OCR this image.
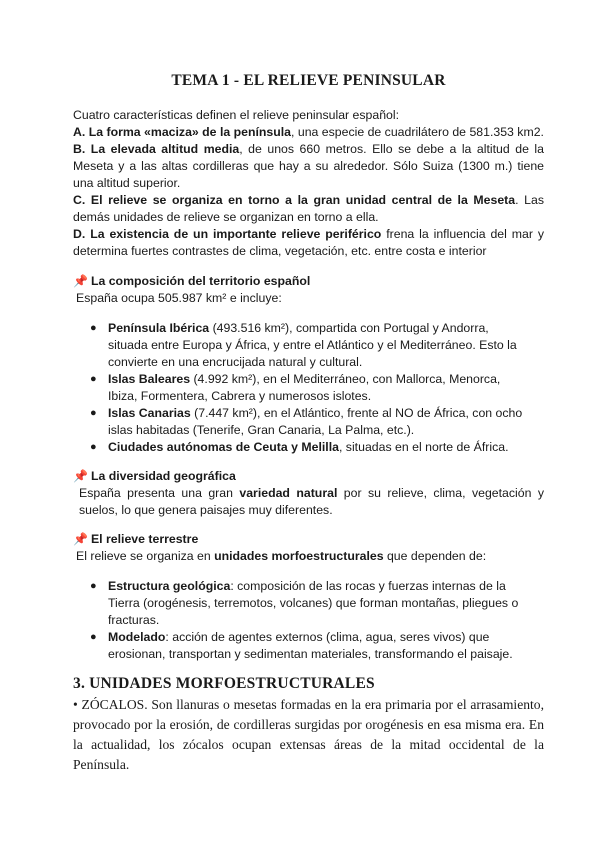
TEMA 1 - EL RELIEVE PENINSULAR

Cuatro características definen el relieve peninsular español:

A. La forma «maciza» de la península, una especie de cuadrilátero de 581.353 km2.

B. La elevada altitud media, de unos 660 metros. Ello se debe a la altitud de la Meseta y a las altas cordilleras que hay a su alrededor. Sólo Suiza (1300 m.) tiene una altitud superior.

C. El relieve se organiza en torno a la gran unidad central de la Meseta. Las demás unidades de relieve se organizan en torno a ella.

D. La existencia de un importante relieve periférico frena la influencia del mar y determina fuertes contrastes de clima, vegetación, etc. entre costa e interior

📌 La composición del territorio español

España ocupa 505.987 km² e incluye:

● Península Ibérica (493.516 km²), compartida con Portugal y Andorra, situada entre Europa y África, y entre el Atlántico y el Mediterráneo. Esto la convierte en una encrucijada natural y cultural.
● Islas Baleares (4.992 km²), en el Mediterráneo, con Mallorca, Menorca, Ibiza, Formentera, Cabrera y numerosos islotes.
● Islas Canarias (7.447 km²), en el Atlántico, frente al NO de África, con ocho islas habitadas (Tenerife, Gran Canaria, La Palma, etc.).
● Ciudades autónomas de Ceuta y Melilla, situadas en el norte de África.
📌 La diversidad geográfica

España presenta una gran variedad natural por su relieve, clima, vegetación y suelos, lo que genera paisajes muy diferentes.

📌 El relieve terrestre

El relieve se organiza en unidades morfoestructurales que dependen de:

● Estructura geológica: composición de las rocas y fuerzas internas de la Tierra (orogénesis, terremotos, volcanes) que forman montañas, pliegues o fracturas.
● Modelado: acción de agentes externos (clima, agua, seres vivos) que erosionan, transportan y sedimentan materiales, transformando el paisaje.
3. UNIDADES MORFOESTRUCTURALES

• ZÓCALOS. Son llanuras o mesetas formadas en la era primaria por el arrasamiento, provocado por la erosión, de cordilleras surgidas por orogénesis en esa misma era. En la actualidad, los zócalos ocupan extensas áreas de la mitad occidental de la Península.
